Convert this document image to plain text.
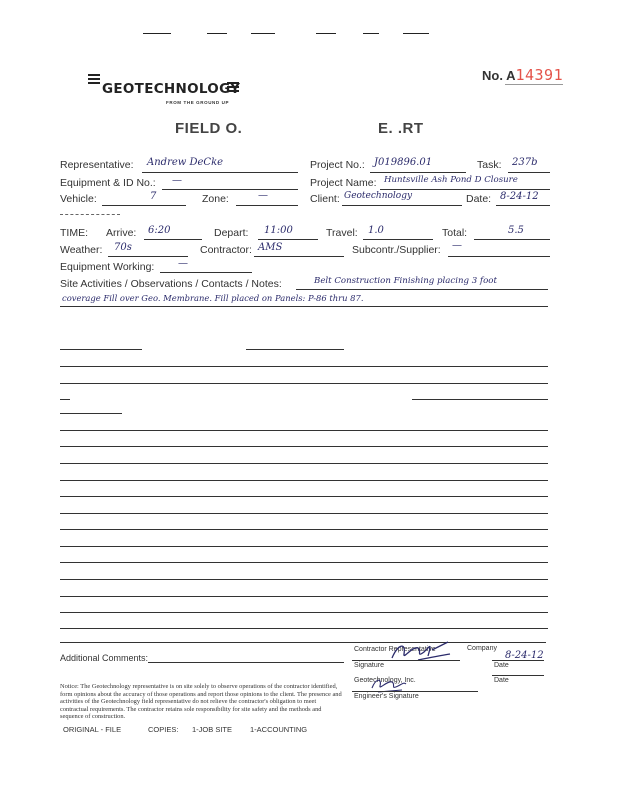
GEOTECHNOLOGY
FROM THE GROUND UP
No. A14391
FIELD O.	E. .RT
Representative: Andrew DeCke	Project No.: J019896.01	Task: 237b
Equipment & ID No.: —	Project Name: Huntsville Ash Pond D Closure
Vehicle:	7	Zone:	—	Client: Geotechnology	Date: 8-24-12
TIME: Arrive: 6:20	Depart: 11:00	Travel: 1.0	Total:	5.5
Weather: 70s	Contractor: AMS	Subcontr./Supplier: —
Equipment Working: —
Site Activities / Observations / Contacts / Notes:	Belt Construction Finishing placing 3 foot
coverage Fill over Geo. Membrane. Fill placed on Panels: P-86 thru 87.
Additional Comments:
Contractor Representative	Company
Signature
8-24-12
Date
Geotechnology, Inc.
Engineer's Signature
Date
Notice: The Geotechnology representative is on site solely to observe operations of the contractor identified, form opinions about the accuracy of those operations and report those opinions to the client. The presence and activities of the Geotechnology field representative do not relieve the contractor's obligation to meet contractual requirements. The contractor retains sole responsibility for site safety and the methods and sequence of construction.
ORIGINAL - FILE	COPIES: 1-JOB SITE 1-ACCOUNTING
